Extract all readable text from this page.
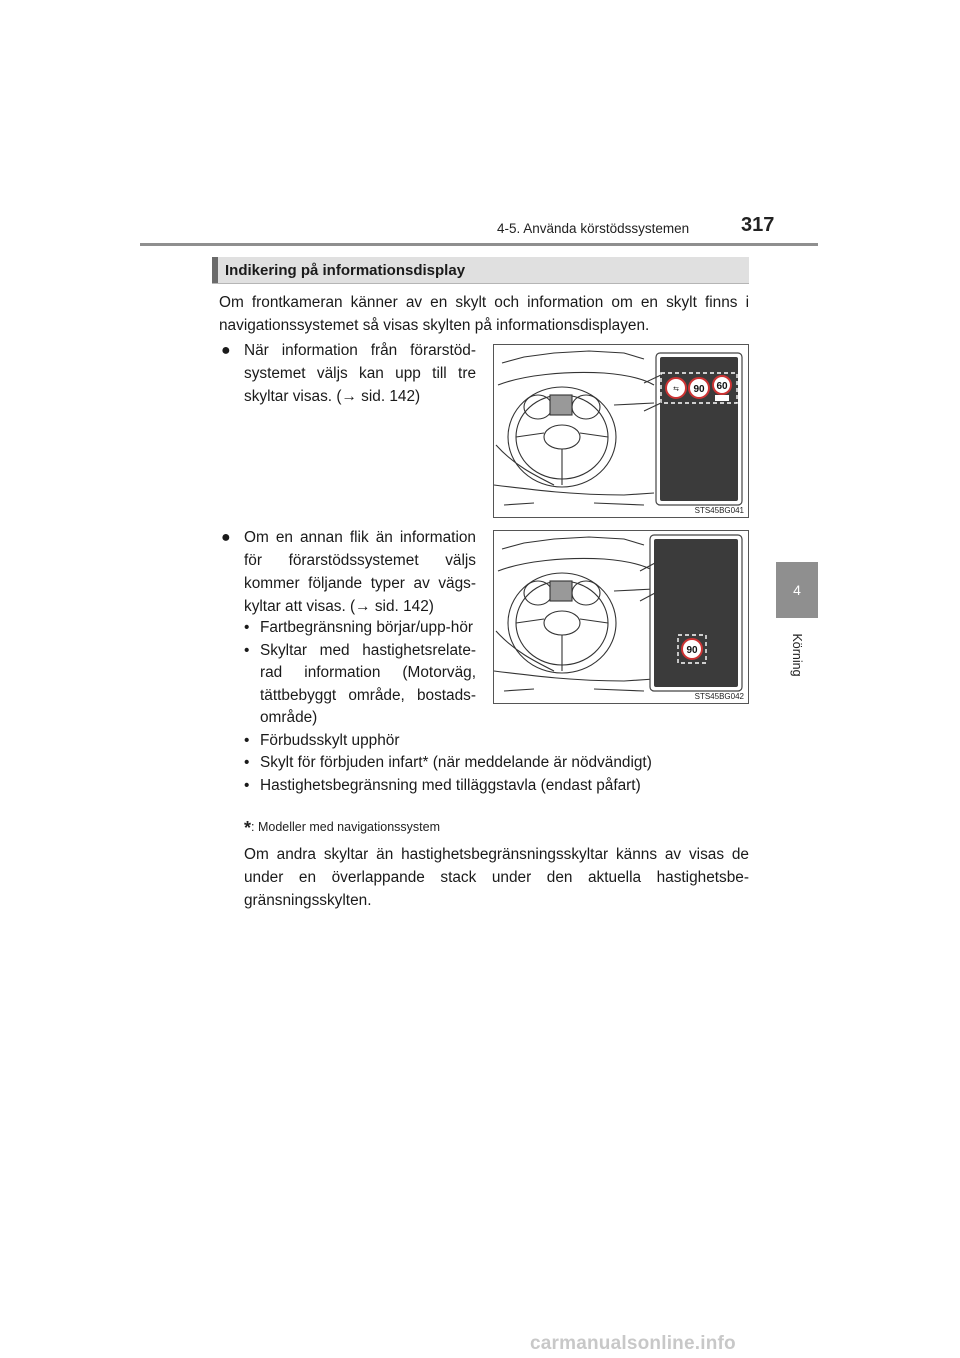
4-5. Använda körstödssystemen	317
4
Körning
Indikering på informationsdisplay

Om frontkameran känner av en skylt och information om en skylt finns i navigationssystemet så visas skylten på informationsdisplayen.

● När information från förarstöd-systemet väljs kan upp till tre skyltar visas. (→ sid. 142)	⇆ 90 60
STS45BG041
● Om en annan flik än information för förarstödssystemet väljs kommer följande typer av vägs-kyltar att visas. (→ sid. 142)

90
STS45BG042
• Fartbegränsning börjar/upp-hör
• Skyltar med hastighetsrelate-rad information (Motorväg, tättbebyggt område, bostads-område)
• Förbudsskylt upphör
• Skylt för förbjuden infart* (när meddelande är nödvändigt)
• Hastighetsbegränsning med tilläggstavla (endast påfart)
*: Modeller med navigationssystem

Om andra skyltar än hastighetsbegränsningsskyltar känns av visas de under en överlappande stack under den aktuella hastighetsbe-gränsningsskylten.

carmanualsonline.info
